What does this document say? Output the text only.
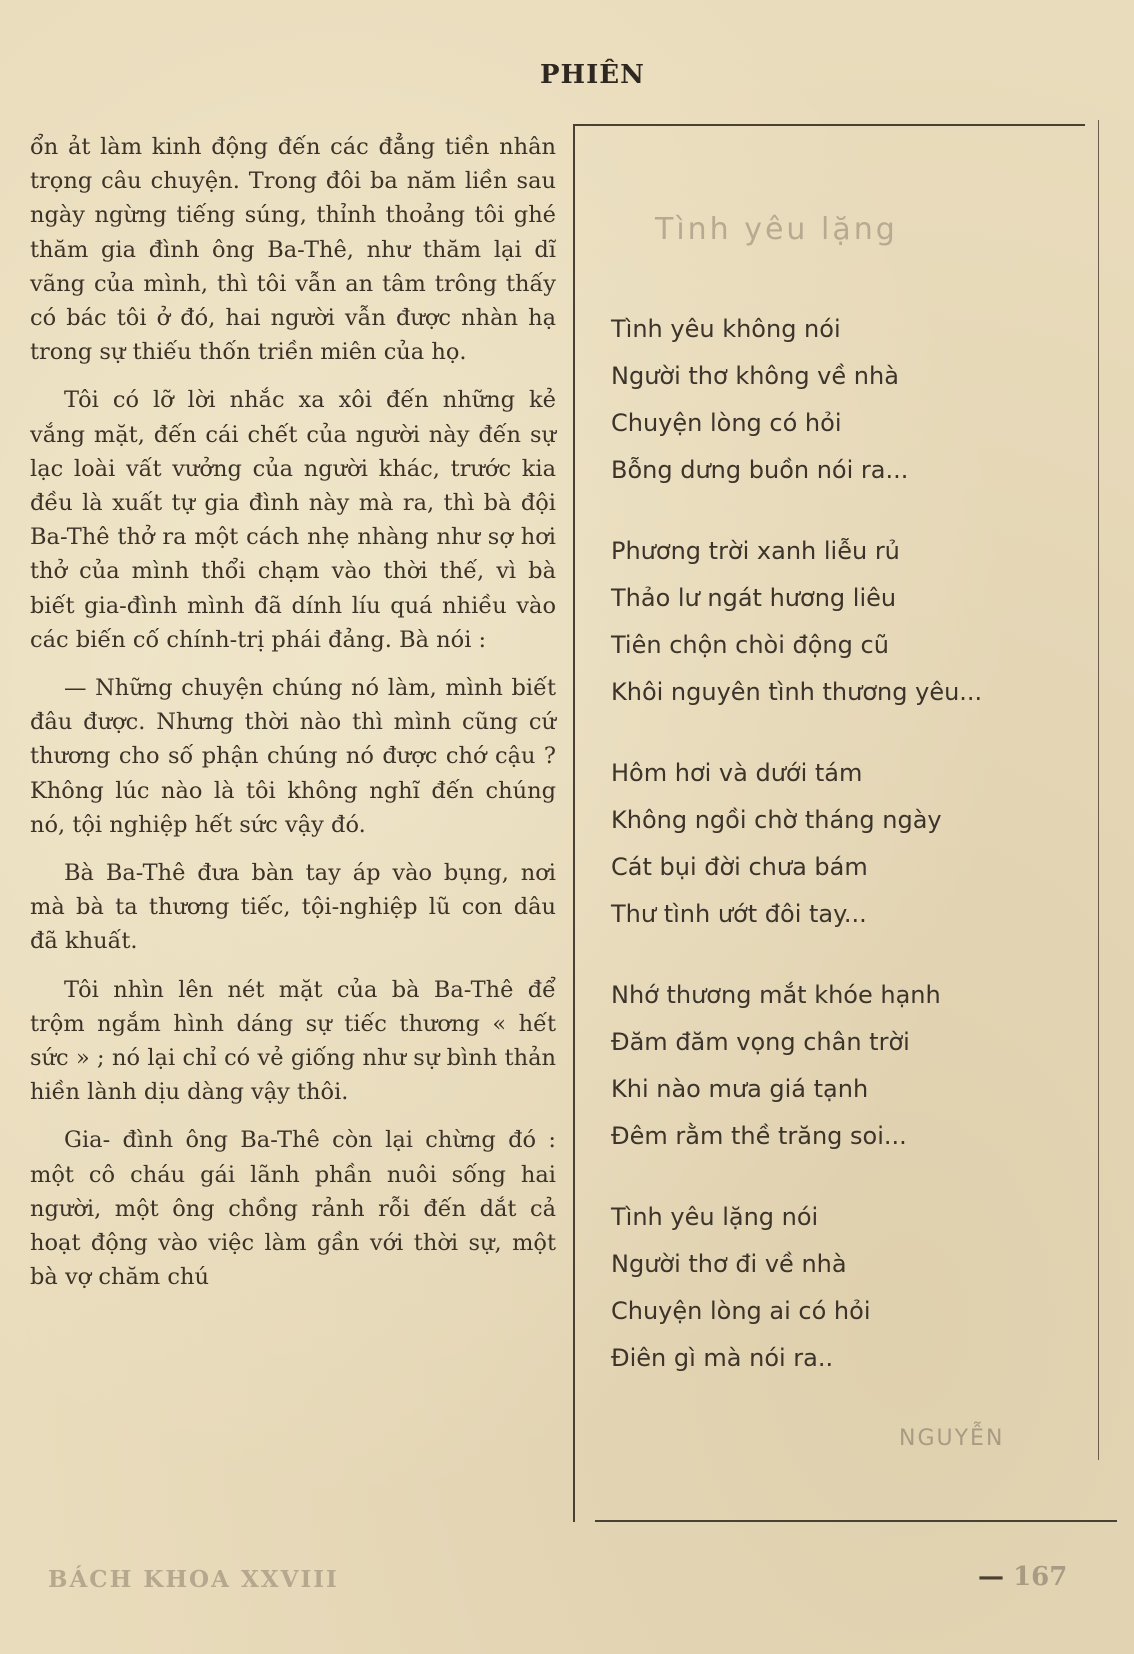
PHIÊN

ổn ảt làm kinh động đến các đẳng tiền nhân trọng câu chuyện. Trong đôi ba năm liền sau ngày ngừng tiếng súng, thỉnh thoảng tôi ghé thăm gia đình ông Ba-Thê, như thăm lại dĩ vãng của mình, thì tôi vẫn an tâm trông thấy có bác tôi ở đó, hai người vẫn được nhàn hạ trong sự thiếu thốn triền miên của họ.

Tôi có lỡ lời nhắc xa xôi đến những kẻ vắng mặt, đến cái chết của người này đến sự lạc loài vất vưởng của người khác, trước kia đều là xuất tự gia đình này mà ra, thì bà đội Ba-Thê thở ra một cách nhẹ nhàng như sợ hơi thở của mình thổi chạm vào thời thế, vì bà biết gia-đình mình đã dính líu quá nhiều vào các biến cố chính-trị phái đảng. Bà nói :

— Những chuyện chúng nó làm, mình biết đâu được. Nhưng thời nào thì mình cũng cứ thương cho số phận chúng nó được chớ cậu ? Không lúc nào là tôi không nghĩ đến chúng nó, tội nghiệp hết sức vậy đó.

Bà Ba-Thê đưa bàn tay áp vào bụng, nơi mà bà ta thương tiếc, tội-nghiệp lũ con dâu đã khuất.

Tôi nhìn lên nét mặt của bà Ba-Thê để trộm ngắm hình dáng sự tiếc thương « hết sức » ; nó lại chỉ có vẻ giống như sự bình thản hiền lành dịu dàng vậy thôi.

Gia- đình ông Ba-Thê còn lại chừng đó : một cô cháu gái lãnh phần nuôi sống hai người, một ông chồng rảnh rỗi đến dắt cả hoạt động vào việc làm gần với thời sự, một bà vợ chăm chú

Tình yêu lặng
Tình yêu không nói
Người thơ không về nhà
Chuyện lòng có hỏi
Bỗng dưng buồn nói ra...
Phương trời xanh liễu rủ
Thảo lư ngát hương liêu
Tiên chộn chòi động cũ
Khôi nguyên tình thương yêu...
Hôm hơi và dưới tám
Không ngồi chờ tháng ngày
Cát bụi đời chưa bám
Thư tình ướt đôi tay...
Nhớ thương mắt khóe hạnh
Đăm đăm vọng chân trời
Khi nào mưa giá tạnh
Đêm rằm thề trăng soi...
Tình yêu lặng nói
Người thơ đi về nhà
Chuyện lòng ai có hỏi
Điên gì mà nói ra..
NGUYỄN
BÁCH KHOA XXVIII	— 167
